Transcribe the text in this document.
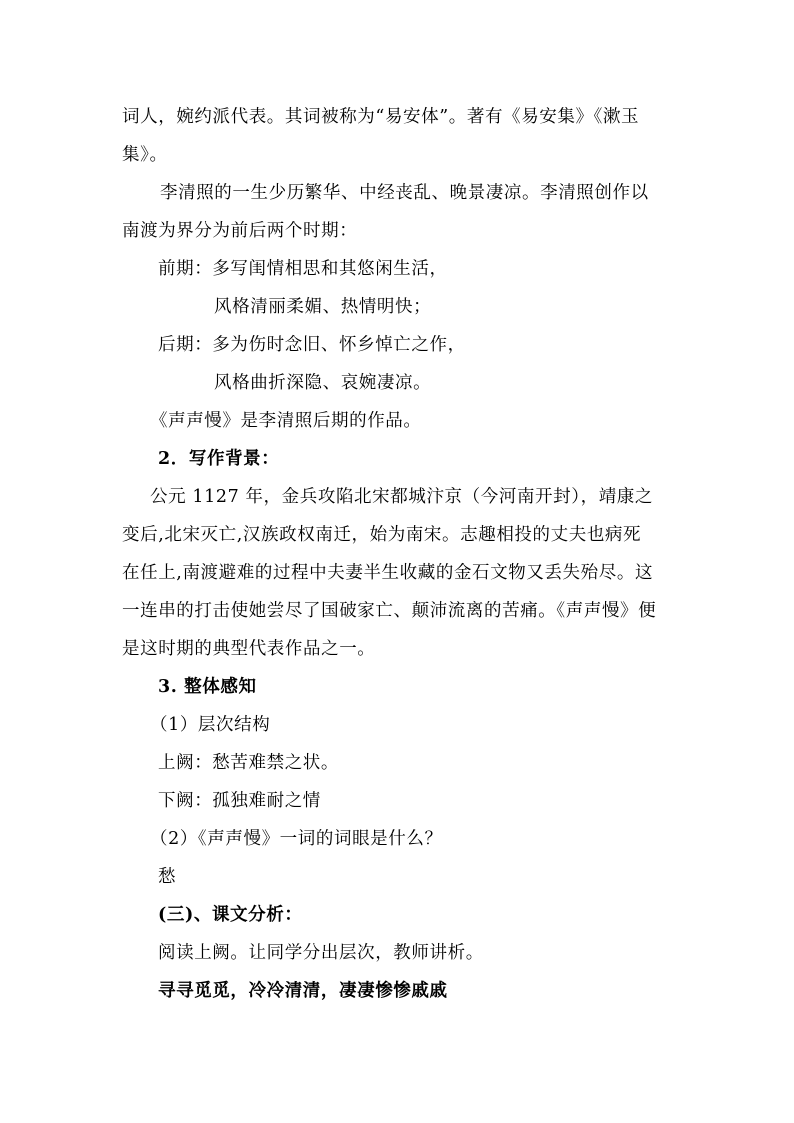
词人，婉约派代表。其词被称为“易安体”。著有《易安集》《漱玉
集》。
李清照的一生少历繁华、中经丧乱、晚景凄凉。李清照创作以
南渡为界分为前后两个时期：
前期：多写闺情相思和其悠闲生活，
风格清丽柔媚、热情明快；
后期：多为伤时念旧、怀乡悼亡之作，
风格曲折深隐、哀婉凄凉。
《声声慢》是李清照后期的作品。
2．写作背景：
公元 1127 年，金兵攻陷北宋都城汴京（今河南开封），靖康之
变后,北宋灭亡,汉族政权南迁，始为南宋。志趣相投的丈夫也病死
在任上,南渡避难的过程中夫妻半生收藏的金石文物又丢失殆尽。这
一连串的打击使她尝尽了国破家亡、颠沛流离的苦痛。《声声慢》便
是这时期的典型代表作品之一。
3. 整体感知
（1）层次结构
上阙：愁苦难禁之状。
下阙：孤独难耐之情
（2）《声声慢》一词的词眼是什么？
愁
(三)、课文分析：
阅读上阙。让同学分出层次，教师讲析。
寻寻觅觅，冷冷清清，凄凄惨惨戚戚
